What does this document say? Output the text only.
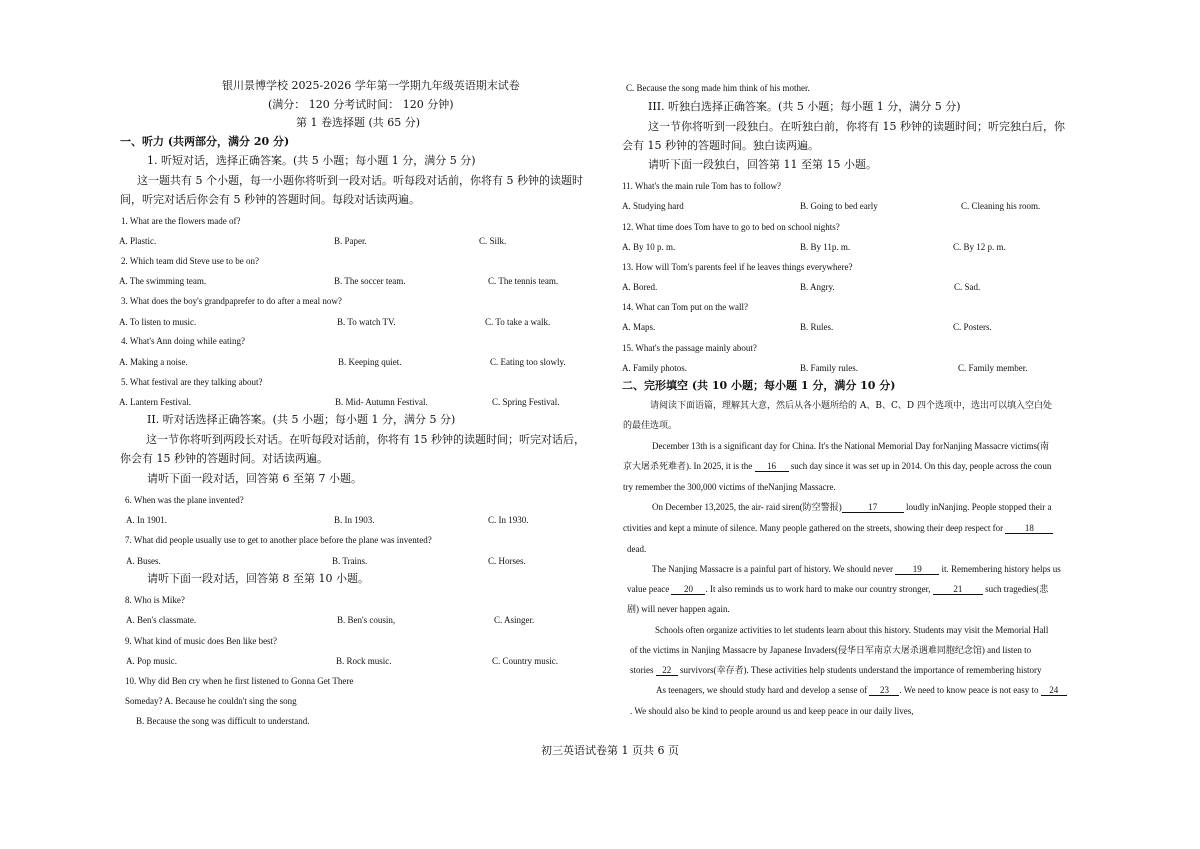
银川景博学校 2025-2026 学年第一学期九年级英语期末试卷
(满分： 120 分考试时间： 120 分钟)
第 1 卷选择题 (共 65 分)
一、听力 (共两部分，满分 20 分)
1. 听短对话，选择正确答案。(共 5 小题；每小题 1 分，满分 5 分)
这一题共有 5 个小题，每一小题你将听到一段对话。听每段对话前，你将有 5 秒钟的读题时
间，听完对话后你会有 5 秒钟的答题时间。每段对话读两遍。
1. What are the flowers made of?
A. Plastic.	B. Paper.	C. Silk.
2. Which team did Steve use to be on?
A. The swimming team.	B. The soccer team.	C. The tennis team.
3. What does the boy's grandpaprefer to do after a meal now?
A. To listen to music.	B. To watch TV.	C. To take a walk.
4. What's Ann doing while eating?
A. Making a noise.	B. Keeping quiet.	C. Eating too slowly.
5. What festival are they talking about?
A. Lantern Festival.	B. Mid- Autumn Festival.	C. Spring Festival.
II. 听对话选择正确答案。(共 5 小题；每小题 1 分，满分 5 分)
这一节你将听到两段长对话。在听每段对话前，你将有 15 秒钟的读题时间；听完对话后，
你会有 15 秒钟的答题时间。对话读两遍。
请听下面一段对话，回答第 6 至第 7 小题。
6. When was the plane invented?
A. In 1901.	B. In 1903.	C. In 1930.
7. What did people usually use to get to another place before the plane was invented?
A. Buses.	B. Trains.	C. Horses.
请听下面一段对话，回答第 8 至第 10 小题。
8. Who is Mike?
A. Ben's classmate.	B. Ben's cousin,	C. Asinger.
9. What kind of music does Ben like best?
A. Pop music.	B. Rock music.	C. Country music.
10. Why did Ben cry when he first listened to Gonna Get There
Someday? A. Because he couldn't sing the song
B. Because the song was difficult to understand.
C. Because the song made him think of his mother.
III. 听独白选择正确答案。(共 5 小题；每小题 1 分，满分 5 分)
这一节你将听到一段独白。在听独白前，你将有 15 秒钟的读题时间；听完独白后，你
会有 15 秒钟的答题时间。独白读两遍。
请听下面一段独白，回答第 11 至第 15 小题。
11. What's the main rule Tom has to follow?
A. Studying hard	B. Going to bed early	C. Cleaning his room.
12. What time does Tom have to go to bed on school nights?
A. By 10 p. m.	B. By 11p. m.	C. By 12 p. m.
13. How will Tom's parents feel if he leaves things everywhere?
A. Bored.	B. Angry.	C. Sad.
14. What can Tom put on the wall?
A. Maps.	B. Rules.	C. Posters.
15. What's the passage mainly about?
A. Family photos.	B. Family rules.	C. Family member.
二、完形填空 (共 10 小题；每小题 1 分，满分 10 分)
请阅读下面语篇，理解其大意，然后从各小题所给的 A、B、C、D 四个选项中，选出可以填入空白处
的最佳选项。
December 13th is a significant day for China. It's the National Memorial Day forNanjing Massacre victims(南
京大屠杀死难者). In 2025, it is the 16 such day since it was set up in 2014. On this day, people across the coun
try remember the 300,000 victims of theNanjing Massacre.
On December 13,2025, the air- raid siren(防空警报)	17	loudly inNanjing. People stopped their a
ctivities and kept a minute of silence. Many people gathered on the streets, showing their deep respect for 18
dead.
The Nanjing Massacre is a painful part of history. We should never 19 it. Remembering history helps us
value peace 20 . It also reminds us to work hard to make our country stronger, 21 such tragedies(悲
剧) will never happen again.
Schools often organize activities to let students learn about this history. Students may visit the Memorial Hall
of the victims in Nanjing Massacre by Japanese Invaders(侵华日军南京大屠杀遇难同胞纪念馆) and listen to
stories 22 survivors(幸存者). These activities help students understand the importance of remembering history
As teenagers, we should study hard and develop a sense of 23 . We need to know peace is not easy to 24
. We should also be kind to people around us and keep peace in our daily lives,
初三英语试卷第 1 页共 6 页
